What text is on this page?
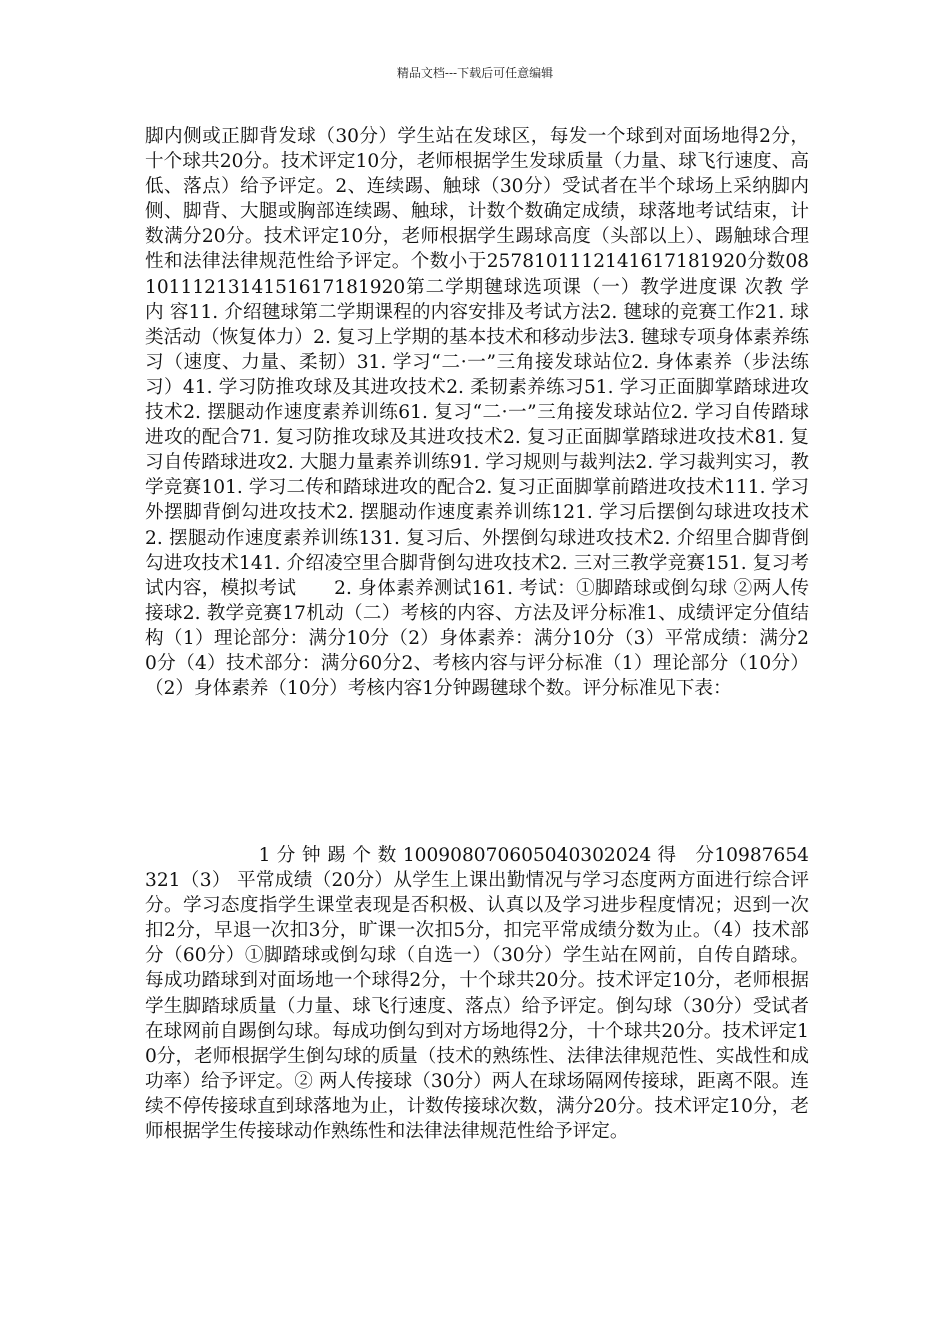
精品文档---下载后可任意编辑

脚内侧或正脚背发球（30分）学生站在发球区，每发一个球到对面场地得2分，十个球共20分。技术评定10分，老师根据学生发球质量（力量、球飞行速度、高低、落点）给予评定。2、连续踢、触球（30分）受试者在半个球场上采纳脚内侧、脚背、大腿或胸部连续踢、触球，计数个数确定成绩，球落地考试结束，计数满分20分。技术评定10分，老师根据学生踢球高度（头部以上）、踢触球合理性和法律法律规范性给予评定。个数小于2578101112141617181920分数0810111213141516171819​20第二学期毽球选项课（一）教学进度课 次教 学 内 容11. 介绍毽球第二学期课程的内容安排及考试方法2. 毽球的竞赛工作21. 球类活动（恢复体力）2. 复习上学期的基本技术和移动步法3. 毽球专项身体素养练习（速度、力量、柔韧）31. 学习“二·一”三角接发球站位2. 身体素养（步法练习）41. 学习防推攻球及其进攻技术2. 柔韧素养练习51. 学习正面脚掌踏球进攻技术2. 摆腿动作速度素养训练61. 复习“二·一”三角接发球站位2. 学习自传踏球进攻的配合71. 复习防推攻球及其进攻技术2. 复习正面脚掌踏球进攻技术81. 复习自传踏球进攻2. 大腿力量素养训练91. 学习规则与裁判法2. 学习裁判实习，教学竞赛101. 学习二传和踏球进攻的配合2. 复习正面脚掌前踏进攻技术111. 学习外摆脚背倒勾进攻技术2. 摆腿动作速度素养训练121. 学习后摆倒勾球进攻技术2. 摆腿动作速度素养训练131. 复习后、外摆倒勾球进攻技术2. 介绍里合脚背倒勾进攻技术141. 介绍凌空里合脚背倒勾进攻技术2. 三对三教学竞赛151. 复习考试内容，模拟考试　　2. 身体素养测试161. 考试：①脚踏球或倒勾球 ②两人传接球2. 教学竞赛17机动（二）考核的内容、方法及评分标准1、成绩评定分值结构（1）理论部分：满分10分（2）身体素养：满分10分（3）平常成绩：满分20分（4）技术部分：满分60分2、考核内容与评分标准（1）理论部分（10分）（2）身体素养（10分）考核内容1分钟踢毽球个数。评分标准见下表：

　　　　　　1 分 钟 踢 个 数 100908070605040302024 得　分10987654321（3） 平常成绩（20分）从学生上课出勤情况与学习态度两方面进行综合评分。学习态度指学生课堂表现是否积极、认真以及学习进步程度情况；迟到一次扣2分，早退一次扣3分，旷课一次扣5分，扣完平常成绩分数为止。（4）技术部分（60分）①脚踏球或倒勾球（自选一）（30分）学生站在网前，自传自踏球。每成功踏球到对面场地一个球得2分，十个球共20分。技术评定10分，老师根据学生脚踏球质量（力量、球飞行速度、落点）给予评定。倒勾球（30分）受试者在球网前自踢倒勾球。每成功倒勾到对方场地得2分，十个球共20分。技术评定10分，老师根据学生倒勾球的质量（技术的熟练性、法律法律规范性、实战性和成功率）给予评定。② 两人传接球（30分）两人在球场隔网传接球，距离不限。连续不停传接球直到球落地为止，计数传接球次数，满分20分。技术评定10分，老师根据学生传接球动作熟练性和法律法律规范性给予评定。
